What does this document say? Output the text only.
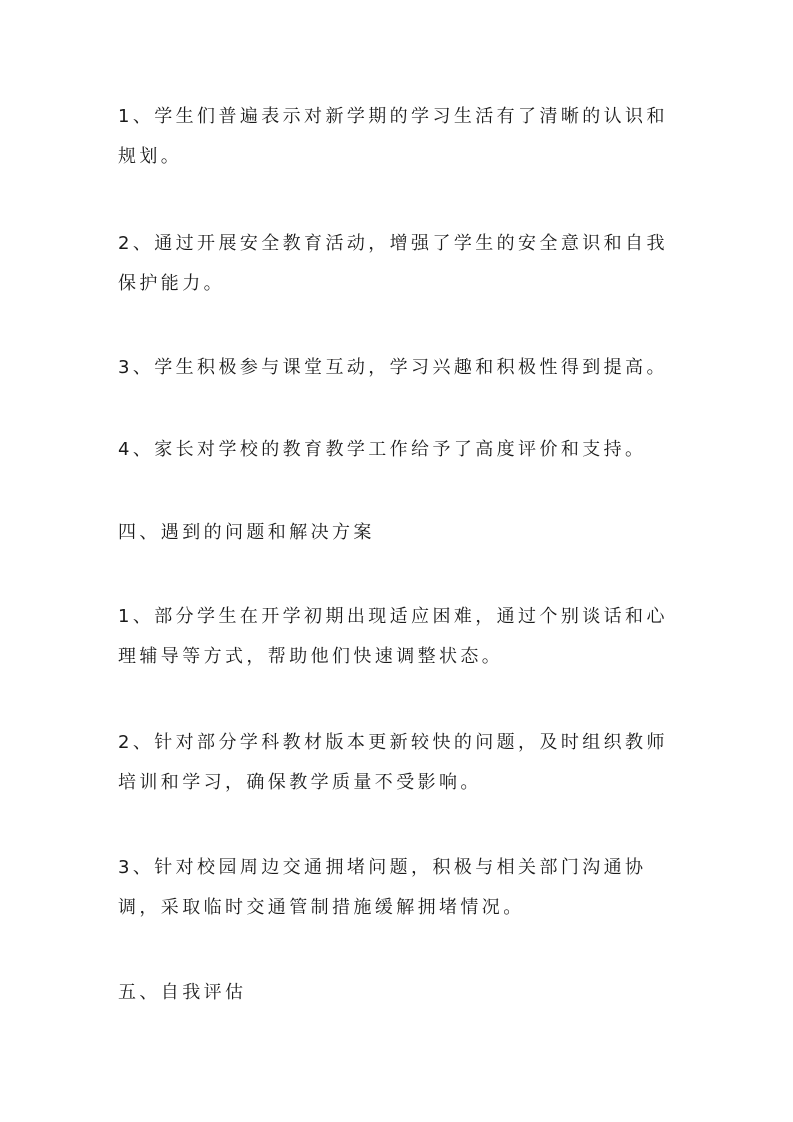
1、学生们普遍表示对新学期的学习生活有了清晰的认识和规划。

2、通过开展安全教育活动，增强了学生的安全意识和自我保护能力。

3、学生积极参与课堂互动，学习兴趣和积极性得到提高。

4、家长对学校的教育教学工作给予了高度评价和支持。

四、遇到的问题和解决方案

1、部分学生在开学初期出现适应困难，通过个别谈话和心理辅导等方式，帮助他们快速调整状态。

2、针对部分学科教材版本更新较快的问题，及时组织教师培训和学习，确保教学质量不受影响。

3、针对校园周边交通拥堵问题，积极与相关部门沟通协调，采取临时交通管制措施缓解拥堵情况。

五、自我评估
